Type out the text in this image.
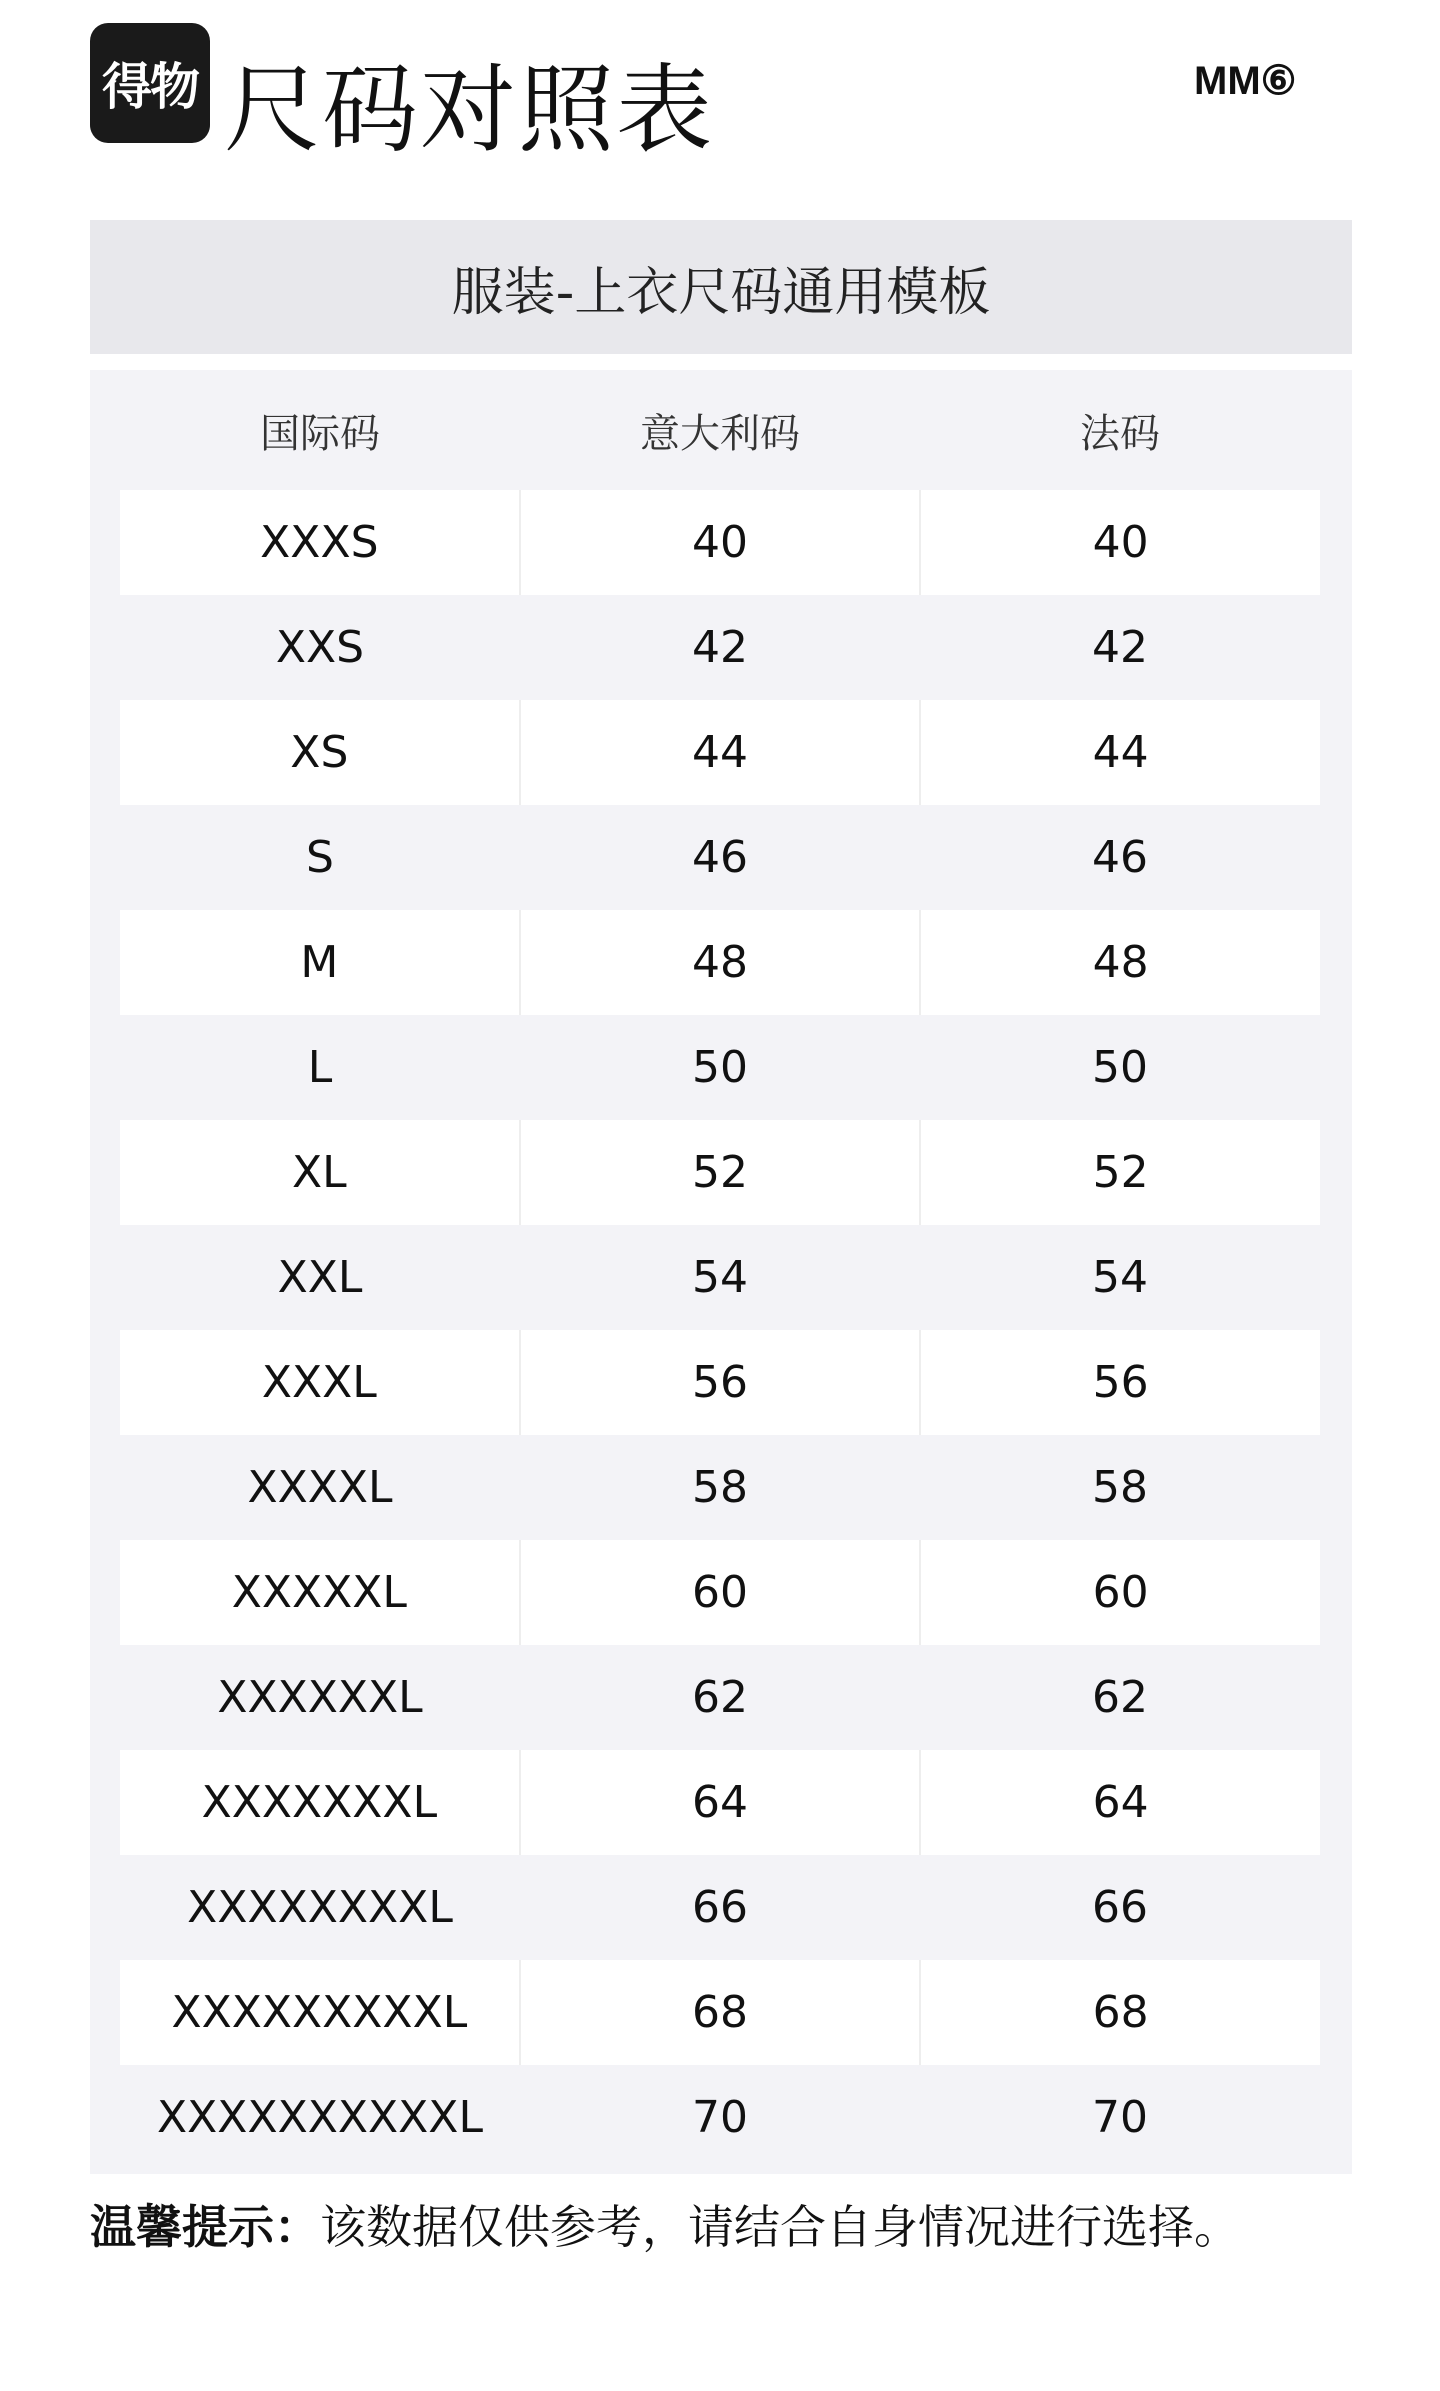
得物 尺码对照表	MM⑥
服装-上衣尺码通用模板
国际码	意大利码	法码
XXXS	40	40
XXS	42	42
XS	44	44
S	46	46
M	48	48
L	50	50
XL	52	52
XXL	54	54
XXXL	56	56
XXXXL	58	58
XXXXXL	60	60
XXXXXXL	62	62
XXXXXXXL	64	64
XXXXXXXXL	66	66
XXXXXXXXXL	68	68
XXXXXXXXXXL	70	70
温馨提示：该数据仅供参考，请结合自身情况进行选择。
